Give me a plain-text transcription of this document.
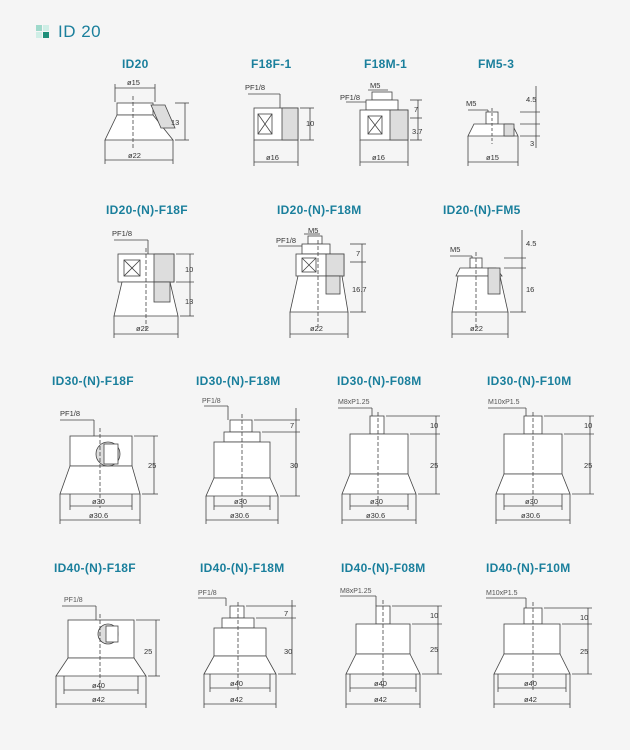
ID 20
ID20
ø15
13
ø22
F18F-1
PF1/8
10
ø16
F18M-1
M5
PF1/8
7
3.7
ø16
FM5-3
M5	4.5
3
ø15
ID20-(N)-F18F
PF1/8
10
13
ø22
ID20-(N)-F18M
M5
PF1/8
7
16.7
ø22
ID20-(N)-FM5
M5
4.5
16
ø22
ID30-(N)-F18F
PF1/8
25
ø30
ø30.6
ID30-(N)-F18M
PF1/8
7
30
ø30
ø30.6
ID30-(N)-F08M
M8xP1.25
10
25
ø30
ø30.6
ID30-(N)-F10M
M10xP1.5
10
25
ø30
ø30.6
ID40-(N)-F18F
PF1/8
25
ø40
ø42
ID40-(N)-F18M
PF1/8
7
30
ø40
ø42
ID40-(N)-F08M
M8xP1.25
10
25
ø40
ø42
ID40-(N)-F10M
M10xP1.5
10
25
ø40
ø42
